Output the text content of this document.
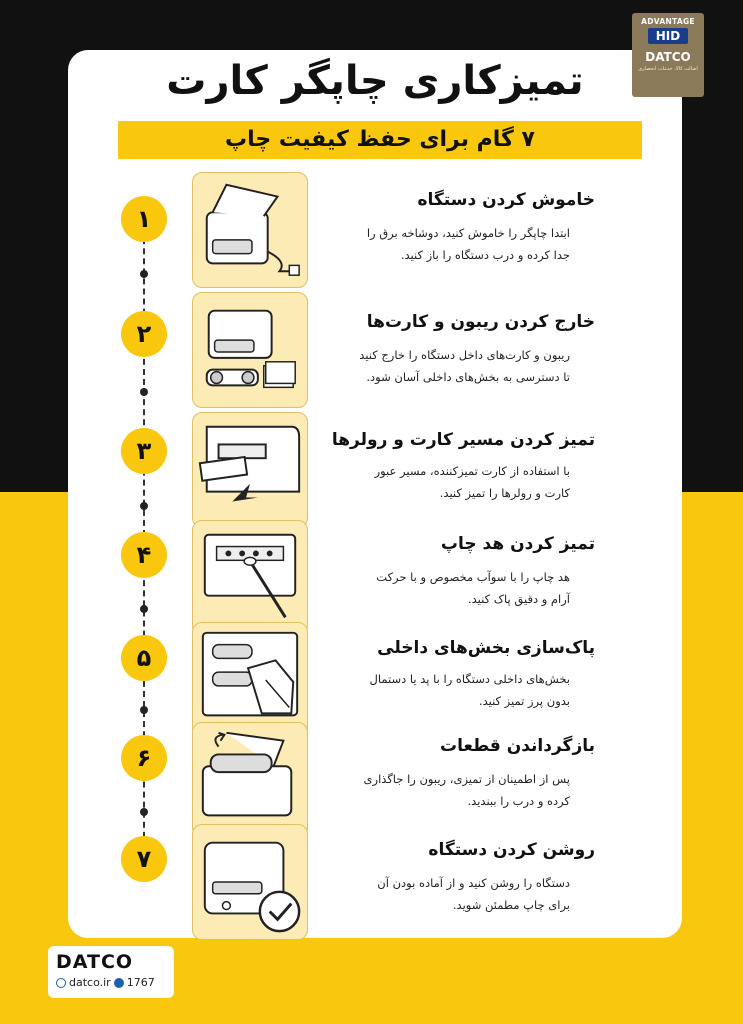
ADVANTAGE
HID
DATCO
اصالت کالا، خدمات انحصاری
تمیزکاری چاپگر کارت
۷ گام برای حفظ کیفیت چاپ
۱
خاموش کردن دستگاه
ابتدا چاپگر را خاموش کنید، دوشاخه برق را
جدا کرده و درب دستگاه را باز کنید.
۲	خارج کردن ریبون و کارت‌ها
ریبون و کارت‌های داخل دستگاه را خارج کنید
تا دسترسی به بخش‌های داخلی آسان شود.
۳	تمیز کردن مسیر کارت و رولرها
با استفاده از کارت تمیزکننده، مسیر عبور
کارت و رولرها را تمیز کنید.
۴	تمیز کردن هد چاپ
هد چاپ را با سوآب مخصوص و با حرکت
آرام و دقیق پاک کنید.
۵	پاک‌سازی بخش‌های داخلی
بخش‌های داخلی دستگاه را با پد یا دستمال
بدون پرز تمیز کنید.
۶	بازگرداندن قطعات
پس از اطمینان از تمیزی، ریبون را جاگذاری
کرده و درب را ببندید.
۷	روشن کردن دستگاه
دستگاه را روشن کنید و از آماده بودن آن
برای چاپ مطمئن شوید.
DATCO
datco.ir 1767
